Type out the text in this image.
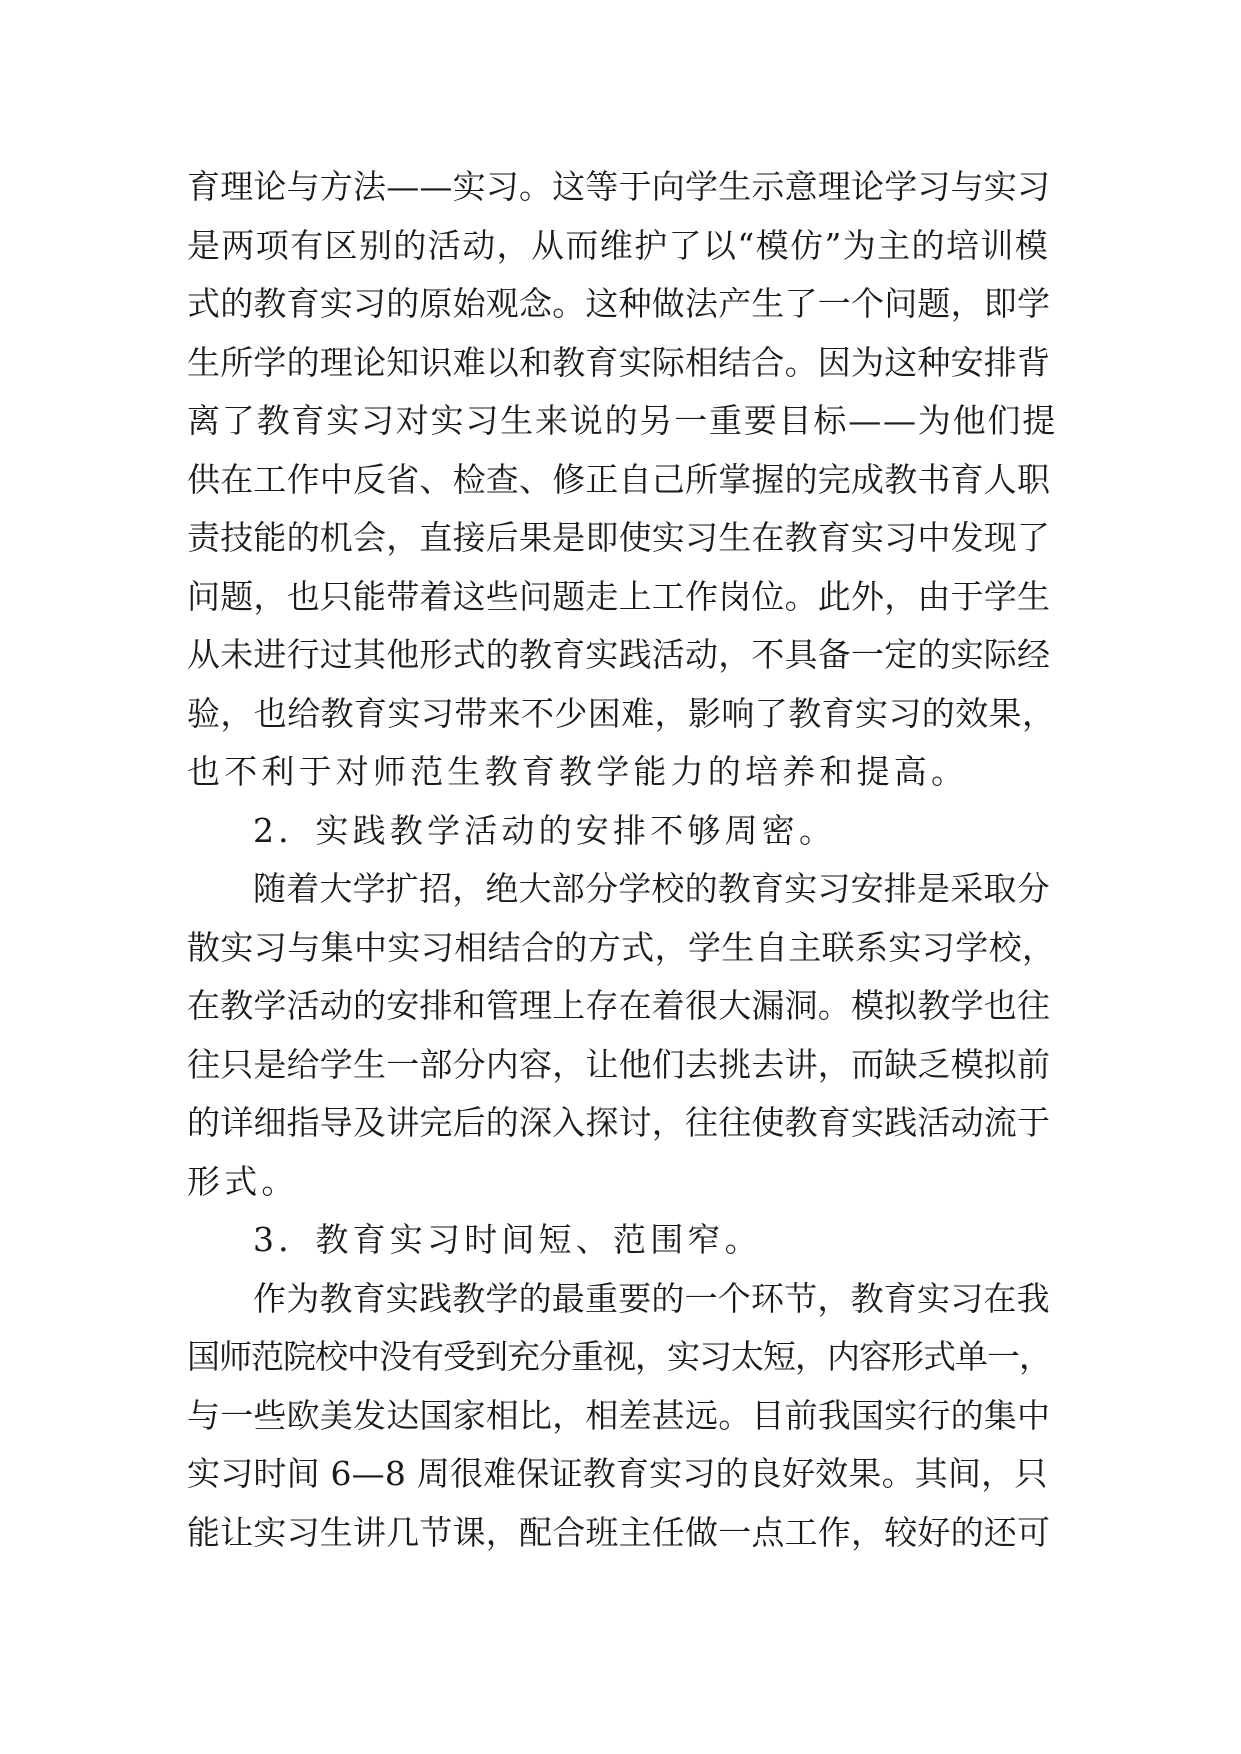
育理论与方法——实习。这等于向学生示意理论学习与实习
是两项有区别的活动，从而维护了以“模仿”为主的培训模
式的教育实习的原始观念。这种做法产生了一个问题，即学
生所学的理论知识难以和教育实际相结合。因为这种安排背
离了教育实习对实习生来说的另一重要目标——为他们提
供在工作中反省、检查、修正自己所掌握的完成教书育人职
责技能的机会，直接后果是即使实习生在教育实习中发现了
问题，也只能带着这些问题走上工作岗位。此外，由于学生
从未进行过其他形式的教育实践活动，不具备一定的实际经
验，也给教育实习带来不少困难，影响了教育实习的效果，
也不利于对师范生教育教学能力的培养和提高。
2．实践教学活动的安排不够周密。
随着大学扩招，绝大部分学校的教育实习安排是采取分
散实习与集中实习相结合的方式，学生自主联系实习学校，
在教学活动的安排和管理上存在着很大漏洞。模拟教学也往
往只是给学生一部分内容，让他们去挑去讲，而缺乏模拟前
的详细指导及讲完后的深入探讨，往往使教育实践活动流于
形式。
3．教育实习时间短、范围窄。
作为教育实践教学的最重要的一个环节，教育实习在我
国师范院校中没有受到充分重视，实习太短，内容形式单一，
与一些欧美发达国家相比，相差甚远。目前我国实行的集中
实习时间 6—8 周很难保证教育实习的良好效果。其间，只
能让实习生讲几节课，配合班主任做一点工作，较好的还可
